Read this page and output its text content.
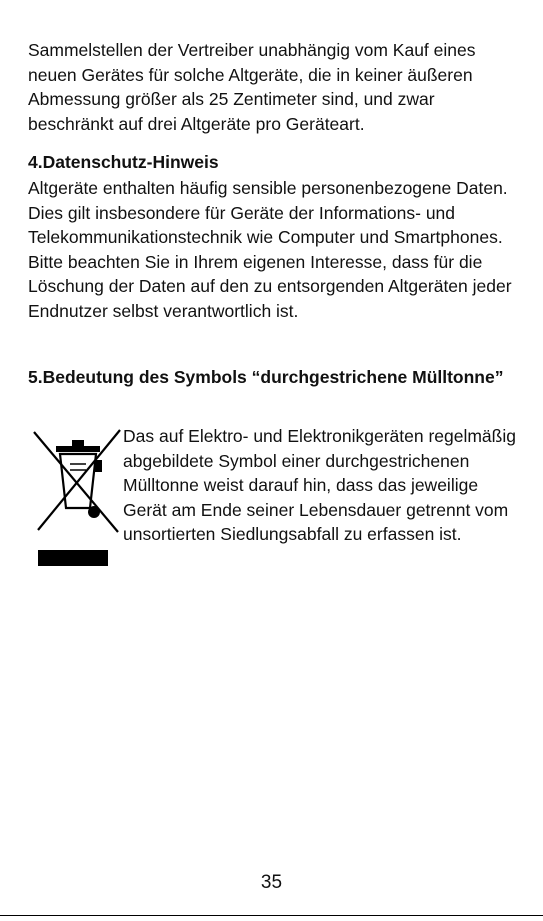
Sammelstellen der Vertreiber unabhängig vom Kauf eines neuen Gerätes für solche Altgeräte, die in keiner äußeren Abmessung größer als 25 Zentimeter sind, und zwar beschränkt auf drei Altgeräte pro Geräteart.

4.Datenschutz-Hinweis

Altgeräte enthalten häufig sensible personenbezogene Daten. Dies gilt insbesondere für Geräte der Informations- und Telekommunikationstechnik wie Computer und Smartphones. Bitte beachten Sie in Ihrem eigenen Interesse, dass für die Löschung der Daten auf den zu entsorgenden Altgeräten jeder Endnutzer selbst verantwortlich ist.

5.Bedeutung des Symbols “durchgestrichene Mülltonne”

Das auf Elektro- und Elektronikgeräten regelmäßig abgebildete Symbol einer durchgestrichenen Mülltonne weist darauf hin, dass das jeweilige Gerät am Ende seiner Lebensdauer getrennt vom unsortierten Siedlungsabfall zu erfassen ist.

35
